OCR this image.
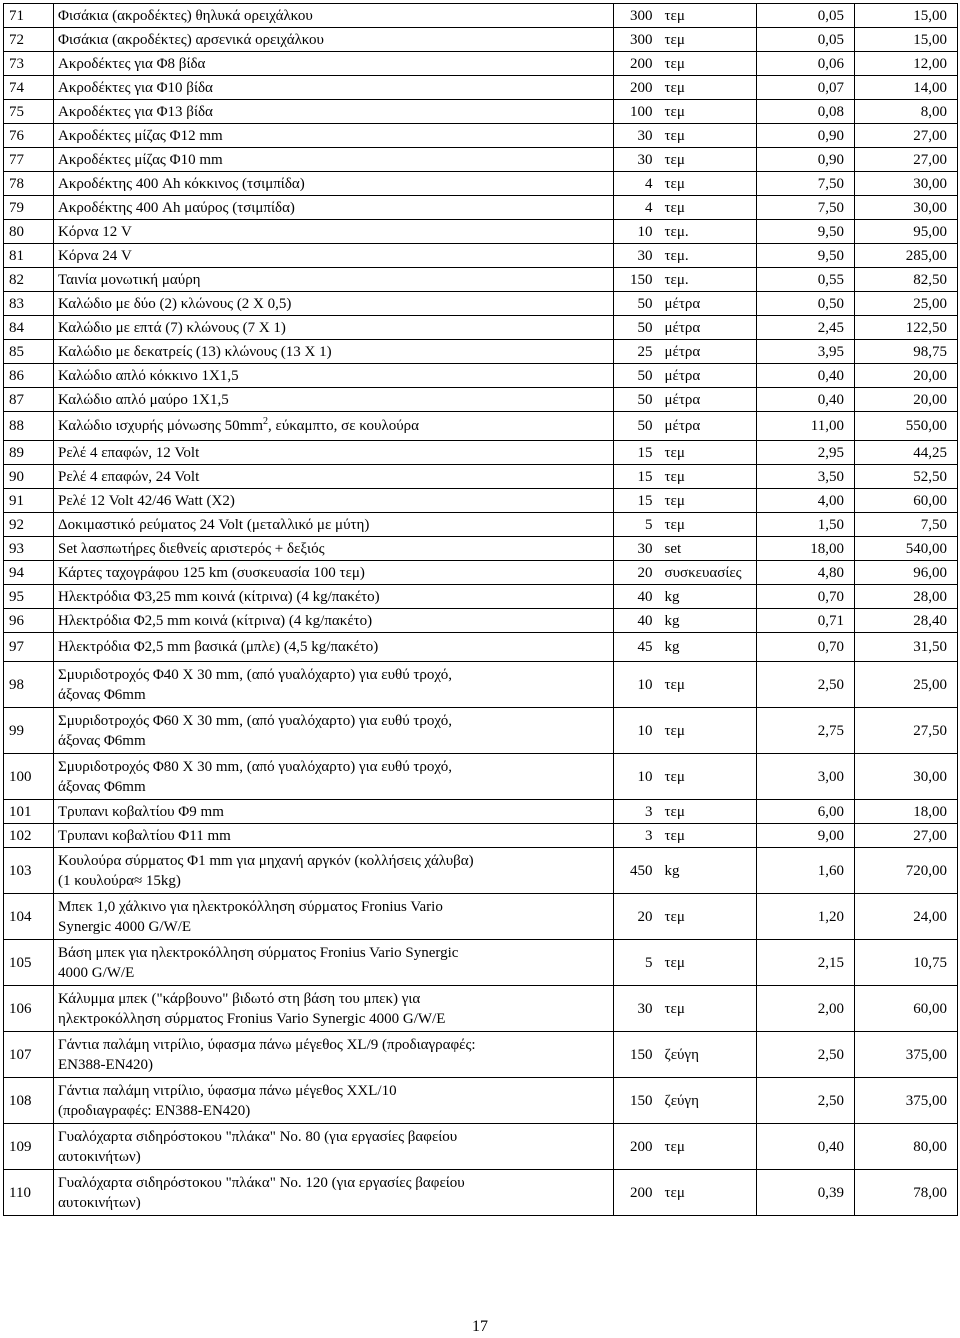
71	Φισάκια (ακροδέκτες) θηλυκά ορειχάλκου	300	τεμ	0,05	15,00
72	Φισάκια (ακροδέκτες) αρσενικά ορειχάλκου	300	τεμ	0,05	15,00
73	Ακροδέκτες για Φ8 βίδα	200	τεμ	0,06	12,00
74	Ακροδέκτες για Φ10 βίδα	200	τεμ	0,07	14,00
75	Ακροδέκτες για Φ13 βίδα	100	τεμ	0,08	8,00
76	Ακροδέκτες μίζας Φ12 mm	30	τεμ	0,90	27,00
77	Ακροδέκτες μίζας Φ10 mm	30	τεμ	0,90	27,00
78	Ακροδέκτης 400 Ah κόκκινος (τσιμπίδα)	4	τεμ	7,50	30,00
79	Ακροδέκτης 400 Ah μαύρος (τσιμπίδα)	4	τεμ	7,50	30,00
80	Κόρνα 12 V	10	τεμ.	9,50	95,00
81	Κόρνα 24 V	30	τεμ.	9,50	285,00
82	Ταινία μονωτική μαύρη	150	τεμ.	0,55	82,50
83	Καλώδιο με δύο (2) κλώνους (2 Χ 0,5)	50	μέτρα	0,50	25,00
84	Καλώδιο με επτά (7) κλώνους (7 Χ 1)	50	μέτρα	2,45	122,50
85	Καλώδιο με δεκατρείς (13) κλώνους (13 Χ 1)	25	μέτρα	3,95	98,75
86	Καλώδιο απλό κόκκινο 1Χ1,5	50	μέτρα	0,40	20,00
87	Καλώδιο απλό μαύρο 1Χ1,5	50	μέτρα	0,40	20,00
88	Καλώδιο ισχυρής μόνωσης $50mm^2$, εύκαμπτο, σε κουλούρα	50	μέτρα	11,00	550,00
89	Ρελέ 4 επαφών, 12 Volt	15	τεμ	2,95	44,25
90	Ρελέ 4 επαφών, 24 Volt	15	τεμ	3,50	52,50
91	Ρελέ 12 Volt 42/46 Watt (Χ2)	15	τεμ	4,00	60,00
92	Δοκιμαστικό ρεύματος 24 Volt (μεταλλικό με μύτη)	5	τεμ	1,50	7,50
93	Set λασπωτήρες διεθνείς αριστερός + δεξιός	30	set	18,00	540,00
94	Κάρτες ταχογράφου 125 km (συσκευασία 100 τεμ)	20	συσκευασίες	4,80	96,00
95	Ηλεκτρόδια Φ3,25 mm κοινά (κίτρινα) (4 kg/πακέτο)	40	kg	0,70	28,00
96	Ηλεκτρόδια Φ2,5 mm κοινά (κίτρινα) (4 kg/πακέτο)	40	kg	0,71	28,40
97	Ηλεκτρόδια Φ2,5 mm βασικά (μπλε) (4,5 kg/πακέτο)	45	kg	0,70	31,50
98	Σμυριδοτροχός Φ40 Χ 30 mm, (από γυαλόχαρτο) για ευθύ τροχό,
άξονας Φ6mm	10	τεμ	2,50	25,00
99	Σμυριδοτροχός Φ60 Χ 30 mm, (από γυαλόχαρτο) για ευθύ τροχό,
άξονας Φ6mm	10	τεμ	2,75	27,50
100	Σμυριδοτροχός Φ80 Χ 30 mm, (από γυαλόχαρτο) για ευθύ τροχό,
άξονας Φ6mm	10	τεμ	3,00	30,00
101	Τρυπανι κοβαλτίου Φ9 mm	3	τεμ	6,00	18,00
102	Τρυπανι κοβαλτίου Φ11 mm	3	τεμ	9,00	27,00
103	Κουλούρα σύρματος Φ1 mm για μηχανή αργκόν (κολλήσεις χάλυβα)
(1 κουλούρα≈ 15kg)	450	kg	1,60	720,00
104	Μπεκ 1,0 χάλκινο για ηλεκτροκόλληση σύρματος Fronius Vario
Synergic 4000 G/W/E	20	τεμ	1,20	24,00
105	Βάση μπεκ για ηλεκτροκόλληση σύρματος Fronius Vario Synergic
4000 G/W/E	5	τεμ	2,15	10,75
106	Κάλυμμα μπεκ ("κάρβουνο" βιδωτό στη βάση του μπεκ) για
ηλεκτροκόλληση σύρματος Fronius Vario Synergic 4000 G/W/E	30	τεμ	2,00	60,00
107	Γάντια παλάμη νιτρίλιο, ύφασμα πάνω μέγεθος XL/9 (προδιαγραφές:
EN388-EN420)	150	ζεύγη	2,50	375,00
108	Γάντια παλάμη νιτρίλιο, ύφασμα πάνω μέγεθος XXL/10
(προδιαγραφές: EN388-EN420)	150	ζεύγη	2,50	375,00
109	Γυαλόχαρτα σιδηρόστοκου "πλάκα" Νο. 80 (για εργασίες βαφείου
αυτοκινήτων)	200	τεμ	0,40	80,00
110	Γυαλόχαρτα σιδηρόστοκου "πλάκα" Νο. 120 (για εργασίες βαφείου
αυτοκινήτων)	200	τεμ	0,39	78,00
17
